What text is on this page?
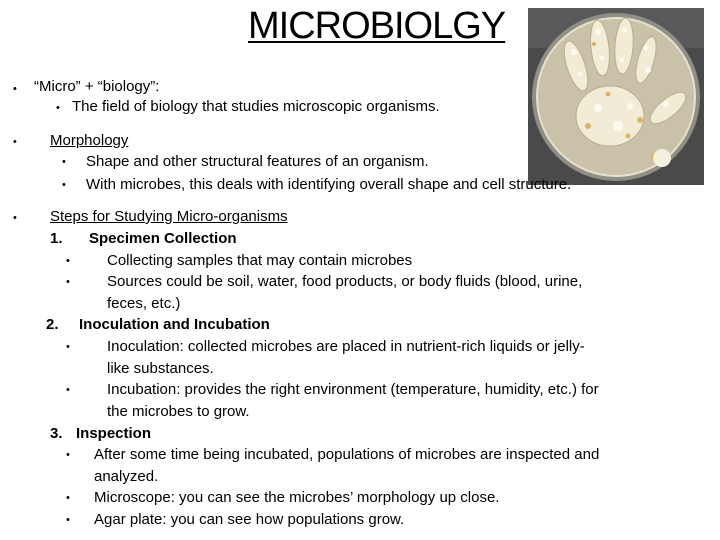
MICROBIOLGY
• “Micro” + “biology”:
• The field of biology that studies microscopic organisms.
• Morphology
• Shape and other structural features of an organism.
• With microbes, this deals with identifying overall shape and cell structure.
• Steps for Studying Micro-organisms
1. Specimen Collection
• Collecting samples that may contain microbes
• Sources could be soil, water, food products, or body fluids (blood, urine,
feces, etc.)
2. Inoculation and Incubation
• Inoculation: collected microbes are placed in nutrient-rich liquids or jelly-
like substances.
• Incubation: provides the right environment (temperature, humidity, etc.) for
the microbes to grow.
3. Inspection
• After some time being incubated, populations of microbes are inspected and
analyzed.
• Microscope: you can see the microbes’ morphology up close.
• Agar plate: you can see how populations grow.
